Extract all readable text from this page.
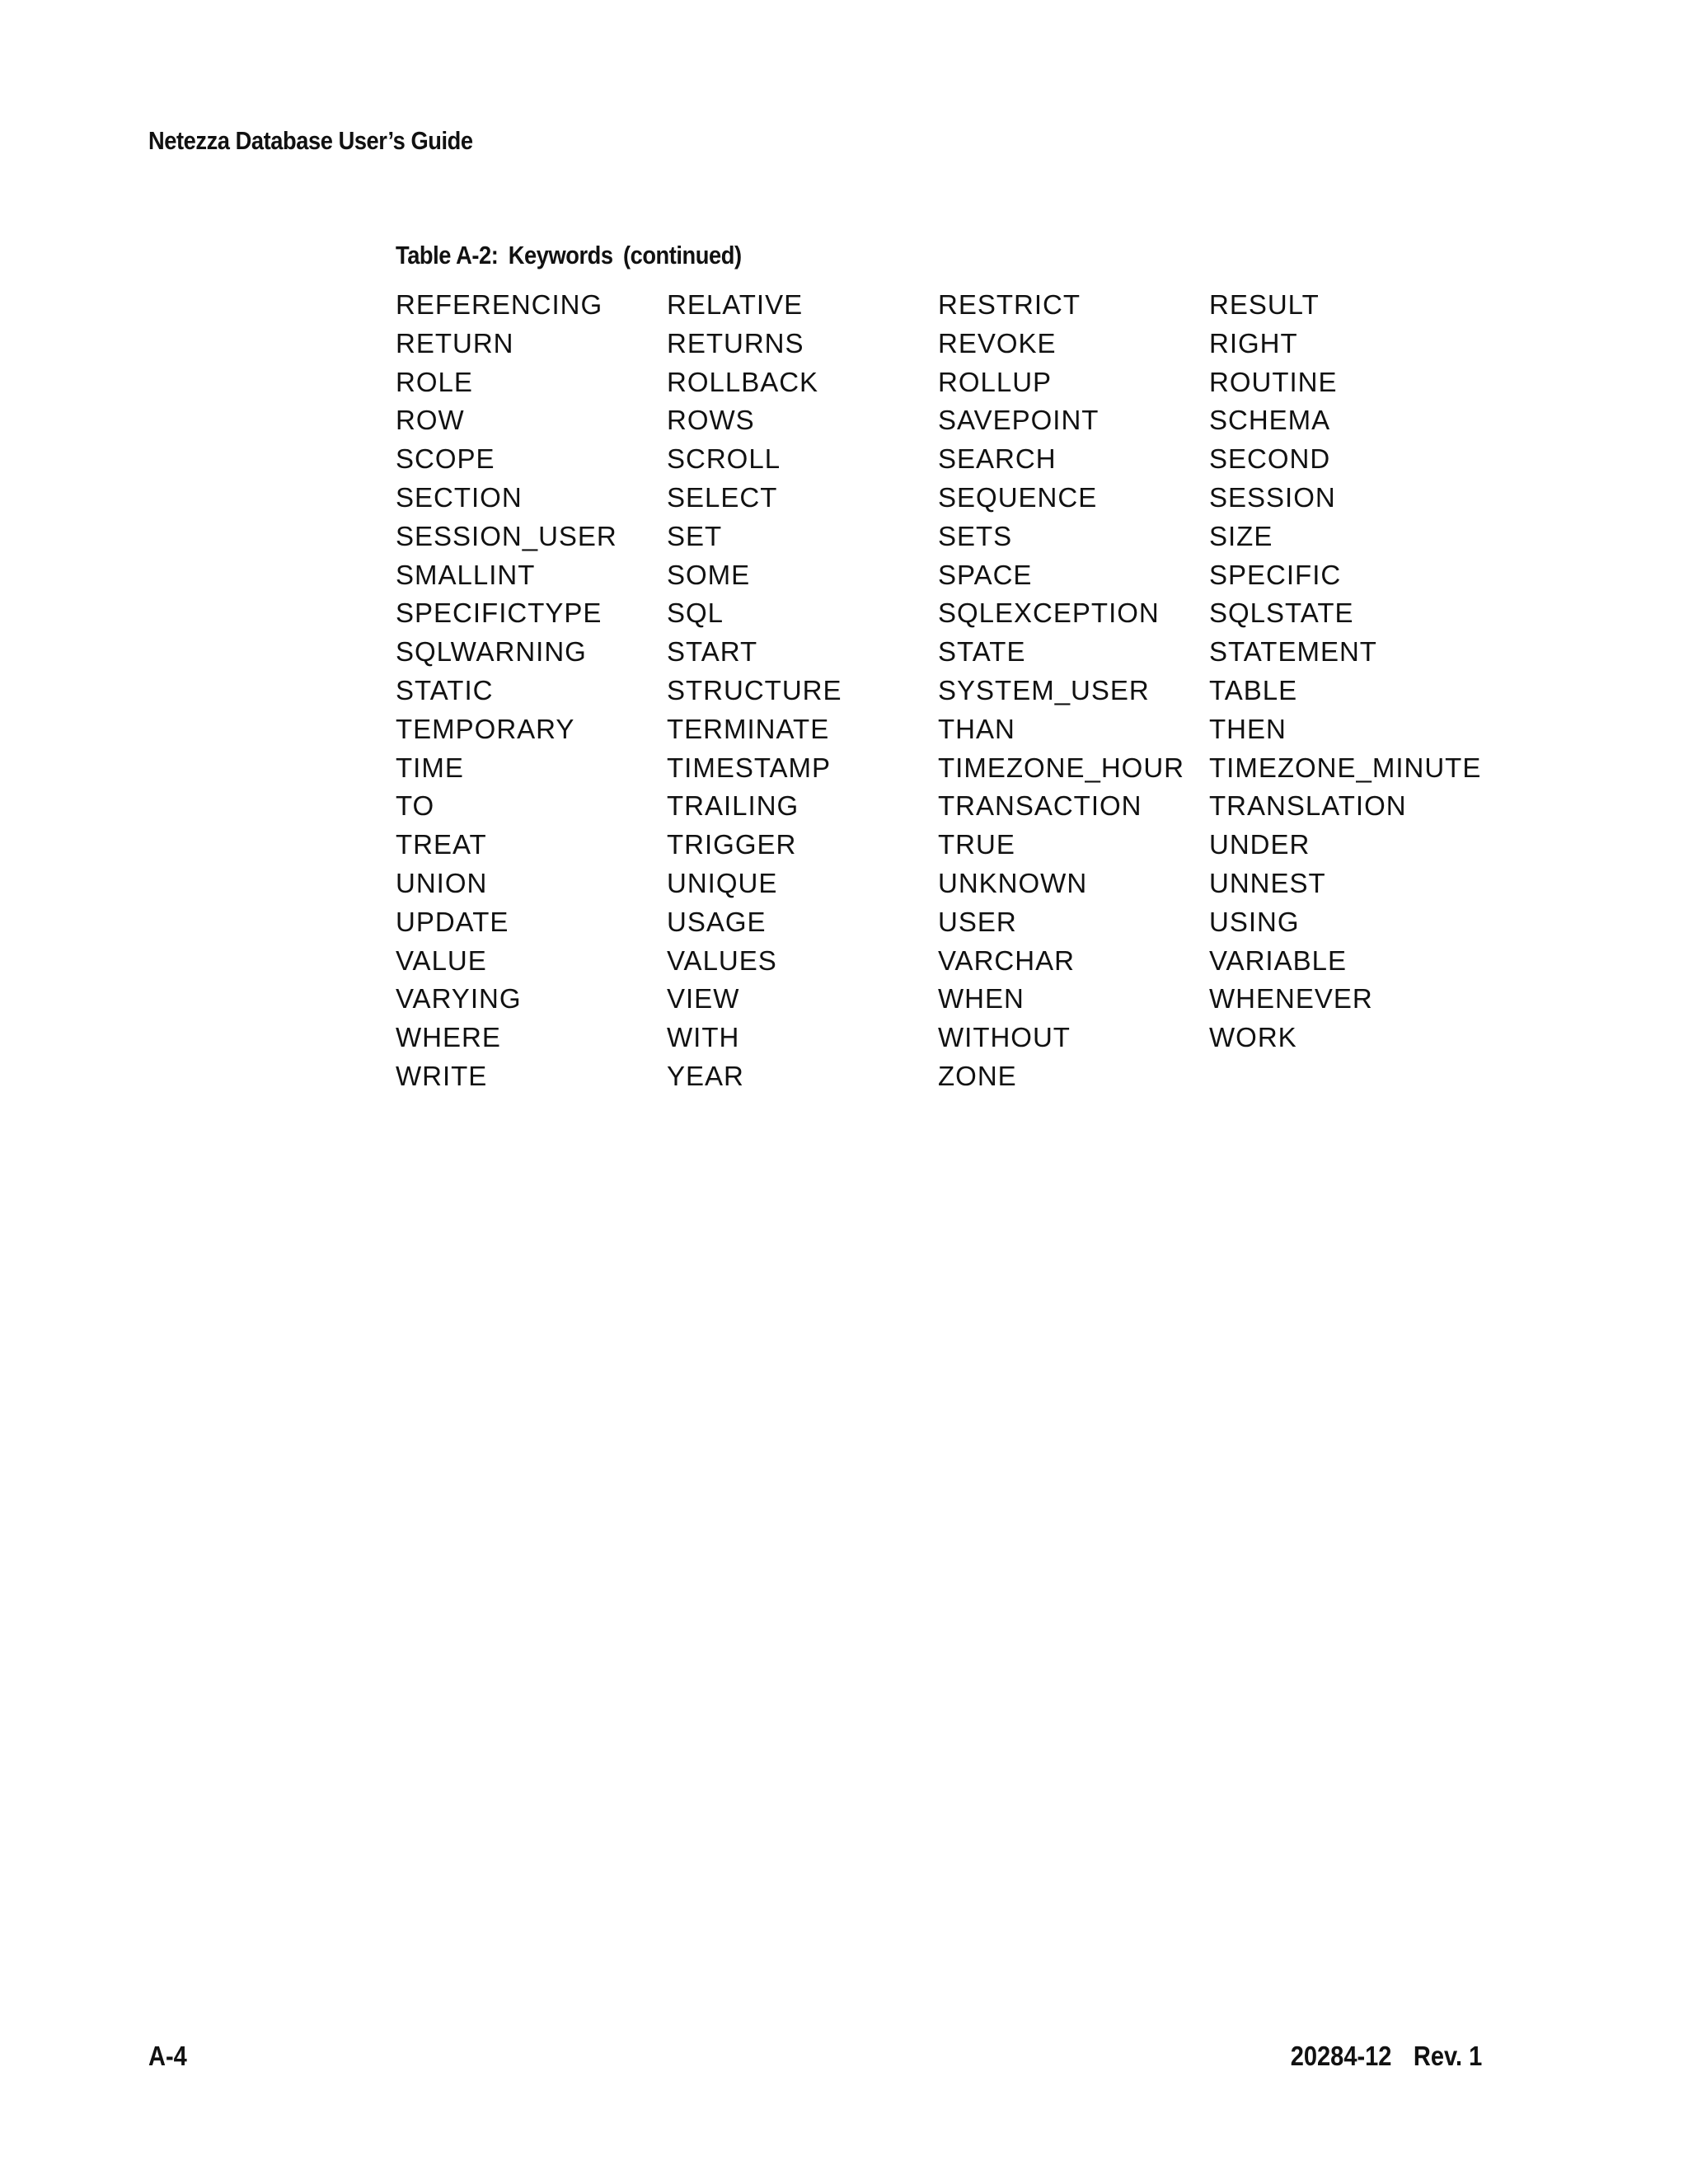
Netezza Database User’s Guide
Table A-2: Keywords (continued)
REFERENCING	RELATIVE	RESTRICT	RESULT
RETURN	RETURNS	REVOKE	RIGHT
ROLE	ROLLBACK	ROLLUP	ROUTINE
ROW	ROWS	SAVEPOINT	SCHEMA
SCOPE	SCROLL	SEARCH	SECOND
SECTION	SELECT	SEQUENCE	SESSION
SESSION_USER	SET	SETS	SIZE
SMALLINT	SOME	SPACE	SPECIFIC
SPECIFICTYPE	SQL	SQLEXCEPTION	SQLSTATE
SQLWARNING	START	STATE	STATEMENT
STATIC	STRUCTURE	SYSTEM_USER	TABLE
TEMPORARY	TERMINATE	THAN	THEN
TIME	TIMESTAMP	TIMEZONE_HOUR TIMEZONE_MINUTE
TO	TRAILING	TRANSACTION	TRANSLATION
TREAT	TRIGGER	TRUE	UNDER
UNION	UNIQUE	UNKNOWN	UNNEST
UPDATE	USAGE	USER	USING
VALUE	VALUES	VARCHAR	VARIABLE
VARYING	VIEW	WHEN	WHENEVER
WHERE	WITH	WITHOUT	WORK
WRITE	YEAR	ZONE
A-4	20284-12 Rev. 1
